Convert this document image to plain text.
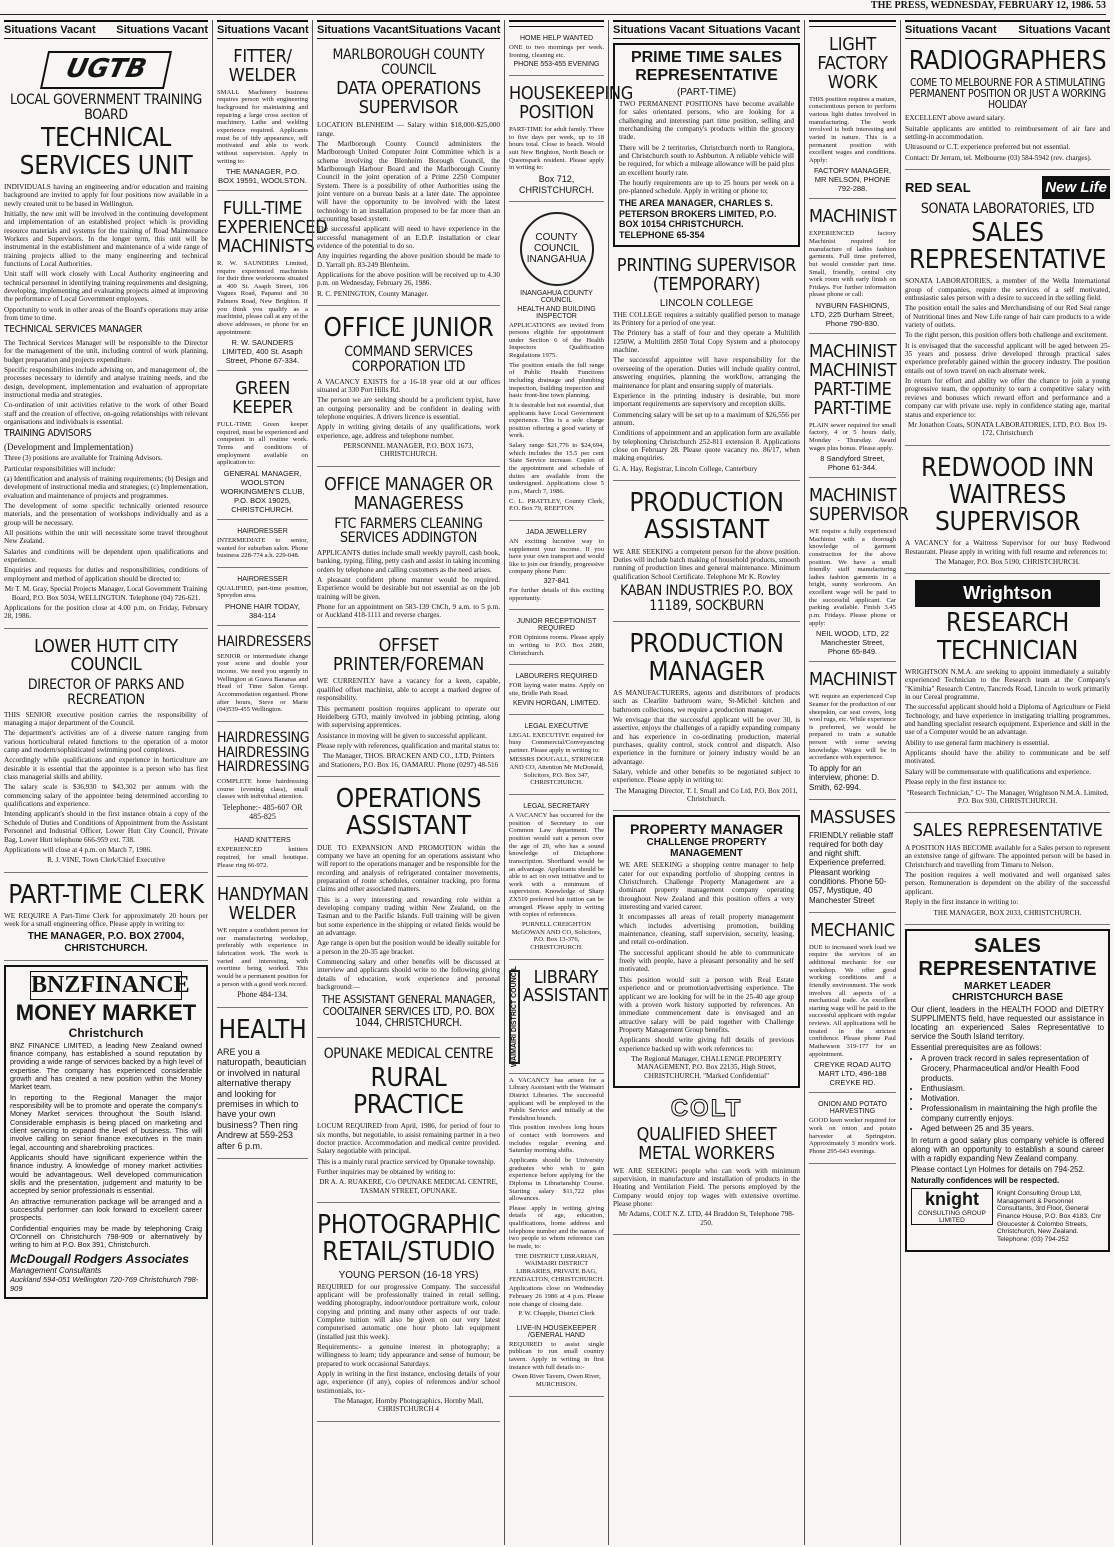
THE PRESS, WEDNESDAY, FEBRUARY 12, 1986. 53
Situations Vacant Situations Vacant
UGTB
LOCAL GOVERNMENT TRAINING BOARD
TECHNICAL SERVICES UNIT

INDIVIDUALS having an engineering and/or education and training background are invited to apply for four positions now available in a newly created unit to be based in Wellington.

Initially, the new unit will be involved in the continuing development and implementation of an established project which is providing resource materials and systems for the training of Road Maintenance Workers and Supervisors. In the longer term, this unit will be instrumental in the establishment and maintenance of a wide range of training projects allied to the many engineering and technical functions of Local Authorities.

Unit staff will work closely with Local Authority engineering and technical personnel in identifying training requirements and designing, developing, implementing and evaluating projects aimed at improving the performance of Local Government employees.

Opportunity to work in other areas of the Board's operations may arise from time to time.

TECHNICAL SERVICES MANAGER

The Technical Services Manager will be responsible to the Director for the management of the unit, including control of work planning, budget preparation and projects expenditure.

Specific responsibilities include advising on, and management of, the processes necessary to identify and analyse training needs, and the design, development, implementation and evaluation of appropriate instructional media and strategies.

Co-ordination of unit activities relative to the work of other Board staff and the creation of effective, on-going relationships with relevant organisations and individuals is essential.

TRAINING ADVISORS
(Development and Implementation)

Three (3) positions are available for Training Advisors.

Particular responsibilities will include:

(a) Identification and analysis of training requirements; (b) Design and development of instructional media and strategies; (c) Implementation, evaluation and maintenance of projects and programmes.

The development of some specific technically oriented resource materials, and the presentation of workshops individually and as a group will be necessary.

All positions within the unit will necessitate some travel throughout New Zealand.

Salaries and conditions will be dependent upon qualifications and experience.

Enquiries and requests for duties and responsibilities, conditions of employment and method of application should be directed to:

Mr T. M. Gray, Special Projects Manager, Local Government Training Board, P.O. Box 5034, WELLINGTON. Telephone (04) 726-621.

Applications for the position close at 4.00 p.m. on Friday, February 28, 1986.

LOWER HUTT CITY COUNCIL
DIRECTOR OF PARKS AND RECREATION

THIS SENIOR executive position carries the responsibility of managing a major department of the Council.

The department's activities are of a diverse nature ranging from various horticultural related functions to the operation of a motor camp and modern/sophisticated swimming pool complexes.

Accordingly while qualifications and experience in horticulture are desirable it is essential that the appointee is a person who has first class managerial skills and ability.

The salary scale is $36,930 to $43,302 per annum with the commencing salary of the appointee being determined according to qualifications and experience.

Intending applicant's should in the first instance obtain a copy of the Schedule of Duties and Conditions of Appointment from the Assistant Personnel and Industrial Officer, Lower Hutt City Council, Private Bag, Lower Hutt telephone 666-959 ext. 738.

Applications will close at 4 p.m. on March 7, 1986.

R. J. VINE, Town Clerk/Chief Executive

PART-TIME CLERK

WE REQUIRE A Part-Time Clerk for approximately 20 hours per week for a small engineering office. Please apply in writing to:

THE MANAGER, P.O. BOX 27004, CHRISTCHURCH.
BNZFINANCE
MONEY MARKET
Christchurch

BNZ FINANCE LIMITED, a leading New Zealand owned finance company, has established a sound reputation by providing a wide range of services backed by a high level of expertise. The company has experienced considerable growth and has created a new position within the Money Market team.

In reporting to the Regional Manager the major responsibility will be to promote and operate the company's Money Market services throughout the South Island. Considerable emphasis is being placed on marketing and client servicing to expand the level of business. This will involve calling on senior finance executives in the main legal, accounting and sharebroking practices.

Applicants should have significant experience within the finance industry. A knowledge of money market activities would be advantageous. Well developed communication skills and the presentation, judgement and maturity to be accepted by senior professionals is essential.

An attractive remuneration package will be arranged and a successful performer can look forward to excellent career prospects.

Confidential enquiries may be made by telephoning Craig O'Connell on Christchurch 798-909 or alternatively by writing to him at P.O. Box 391, Christchurch.

McDougall Rodgers Associates
Management Consultants
Auckland 594-051 Wellington 720-769 Christchurch 798-909
Situations Vacant
FITTER/ WELDER

SMALL Machinery business requires person with engineering background for maintaining and repairing a large cross section of machinery. Lathe and welding experience required. Applicants must be of tidy appearance, self motivated and able to work without supervision. Apply in writing to:

THE MANAGER, P.O. BOX 19591, WOOLSTON.
FULL-TIME EXPERIENCED MACHINISTS

R. W. SAUNDERS Limited, require experienced machinists for their three workrooms situated at 400 St. Asaph Street, 106 Vagues Road, Papanui and 30 Palmers Road, New Brighton. If you think you qualify as a machinist, please call at any of the above addresses, or phone for an appointment:

R. W. SAUNDERS LIMITED, 400 St. Asaph Street, Phone 67-334.
GREEN KEEPER

FULL-TIME Green keeper required, must be experienced and competent in all routine work. Terms and conditions of employment available on application to:

GENERAL MANAGER, WOOLSTON WORKINGMEN'S CLUB, P.O. BOX 19025, CHRISTCHURCH.
HAIRDRESSER

INTERMEDIATE to senior, wanted for suburban salon. Phone business 228-774 a.h. 229-048.

HAIRDRESSER

QUALIFIED, part-time position, Spreydon area.

PHONE HAIR TODAY, 384-114
HAIRDRESSERS

SENIOR or intermediate change your scene and double your income. We need you urgently in Wellington at Guava Bananas and Head of Time Salon Group. Accommodation organised. Phone after hours, Steve or Marie (04)539-455 Wellington.

HAIRDRESSING HAIRDRESSING HAIRDRESSING

COMPLETE home hairdressing course (evening class), small classes with individual attention.

Telephone:- 485-607 OR 485-825

HAND KNITTERS

EXPERIENCED knitters required, for small boutique. Please ring 66-972.

HANDYMAN WELDER

WE require a confident person for our manufacturing workshop, preferably with experience in fabrication work. The work is varied and interesting, with overtime being worked. This would be a permanent position for a person with a good work record.

Phone 484-134.

HEALTH

ARE you a naturopath, beautician or involved in natural alternative therapy and looking for premises in which to have your own business? Then ring Andrew at 559-253 after 6 p.m.

Situations Vacant Situations Vacant
MARLBOROUGH COUNTY COUNCIL
DATA OPERATIONS SUPERVISOR

LOCATION BLENHEIM — Salary within $18,000-$25,000 range.

The Marlborough County Council administers the Marlborough United Computer Joint Committee which is a scheme involving the Blenheim Borough Council, the Marlborough Harbour Board and the Marlborough County Council in the joint operation of a Prime 2250 Computer System. There is a possibility of other Authorities using the joint venture on a bureau basis at a later date. The appointee will have the opportunity to be involved with the latest technology in an installation proposed to be far more than an accounting based system.

The successful applicant will need to have experience in the successful management of an E.D.P. installation or clear evidence of the potential to do so.

Any inquiries regarding the above position should be made to D. Yarrall ph. 83-249 Blenheim.

Applications for the above position will be received up to 4.30 p.m. on Wednesday, February 26, 1986.

R. C. PENINGTON, County Manager.

OFFICE JUNIOR
COMMAND SERVICES CORPORATION LTD

A VACANCY EXISTS for a 16-18 year old at our offices situated at 330 Port Hills Rd.

The person we are seeking should be a proficient typist, have an outgoing personality and be confident in dealing with telephone enquiries. A drivers licence is essential.

Apply in writing giving details of any qualifications, work experience, age, address and telephone number.

PERSONNEL MANAGER, P.O. BOX 1673, CHRISTCHURCH.

OFFICE MANAGER OR MANAGERESS
FTC FARMERS CLEANING SERVICES ADDINGTON

APPLICANTS duties include small weekly payroll, cash book, banking, typing, filing, petty cash and assist in taking incoming orders by telephone and calling customers as the need arises.

A pleasant confident phone manner would be required. Experience would be desirable but not essential as on the job training will be given.

Phone for an appointment on 583-139 ChCh, 9 a.m. to 5 p.m. or Auckland 418-1111 and reverse charges.

OFFSET PRINTER/FOREMAN

WE CURRENTLY have a vacancy for a keen, capable, qualified offset machinist, able to accept a marked degree of responsibility.

This permanent position requires applicant to operate our Heidelberg GTO, mainly involved in jobbing printing, along with supervising apprentices.

Assistance in moving will be given to successful applicant.

Please reply with references, qualification and marital status to:

The Manager, THOS. BRACKEN AND CO., LTD, Printers and Stationers, P.O. Box 16, OAMARU. Phone (0297) 48-516

OPERATIONS ASSISTANT

DUE TO EXPANSION AND PROMOTION within the company we have an opening for an operations assistant who will report to the operations manager and be responsible for the recording and analysis of refrigerated container movements, preparation of route schedules, container tracking, pro forma claims and other associated matters.

This is a very interesting and rewarding role within a developing company trading within New Zealand, on the Tasman and to the Pacific Islands. Full training will be given but some experience in the shipping or related fields would be an advantage.

Age range is open but the position would be ideally suitable for a person in the 20-35 age bracket.

Commencing salary and other benefits will be discussed at interview and applicants should write to the following giving details of education, work experience and personal background:—

THE ASSISTANT GENERAL MANAGER, COOLTAINER SERVICES LTD, P.O. BOX 1044, CHRISTCHURCH.
OPUNAKE MEDICAL CENTRE
RURAL PRACTICE

LOCUM REQUIRED from April, 1986, for period of four to six months, but negotiable, to assist remaining partner in a two doctor practice. Accommodation and medical centre provided. Salary negotiable with principal.

This is a mainly rural practice serviced by Opunake township.

Further inquiries may be obtained by writing to:

DR A. A. RUAKERE, C/o OPUNAKE MEDICAL CENTRE, TASMAN STREET, OPUNAKE.

PHOTOGRAPHIC RETAIL/STUDIO
YOUNG PERSON (16-18 YRS)

REQUIRED for our progressive Company. The successful applicant will be professionally trained in retail selling, wedding photography, indoor/outdoor portraiture work, colour copying and printing and many other aspects of our trade. Complete tuition will also be given on our very latest computerised automatic one hour photo lab equipment (installed just this week).

Requirements:- a genuine interest in photography; a willingness to learn; tidy appearance and sense of humour; be prepared to work occasional Saturdays.

Apply in writing in the first instance, enclosing details of your age, experience (if any), copies of references and/or school testimonials, to:-

The Manager, Hornby Photographics, Hornby Mall, CHRISTCHURCH 4

HOME HELP WANTED

ONE to two mornings per week. Ironing, cleaning etc.

PHONE 553-455 EVENING
HOUSEKEEPING POSITION

PART-TIME for adult family. Three to five days per week, up to 18 hours total. Close to beach. Would suit New Brighton, North Beach or Queenspark resident. Please apply in writing to:

Box 712, CHRISTCHURCH.
COUNTY COUNCIL INANGAHUA
INANGAHUA COUNTY COUNCIL
HEALTH AND BUILDING INSPECTOR

APPLICATIONS are invited from persons eligible for appointment under Section 6 of the Health Inspectors Qualification Regulations 1975.

The position entails the full range of Public Health Functions including drainage and plumbing inspection, building inspection and basic front-line town planning.

It is desirable but not essential, that applicants have Local Government experience. This is a sole charge position offering a good variety of work.

Salary range $21,776 to $24,694, which includes the 15.5 per cent State Service increase. Copies of the appointment and schedule of duties are available from the undersigned. Applications close 5 p.m., March 7, 1986.

C. L. PRATTLEY, County Clerk, P.O. Box 79, REEFTON

JADA JEWELLERY

AN exciting lucrative way to supplement your income. If you have your own transport and would like to join our friendly, progressive company phone Pam:

327-841

For further details of this exciting opportunity.

JUNIOR RECEPTIONIST REQUIRED

FOR Opinions rooms. Please apply in writing to P.O. Box 2680, Christchurch.

LABOURERS REQUIRED

FOR laying water mains. Apply on site, Bridle Path Road.

KEVIN HORGAN, LIMITED.
LEGAL EXECUTIVE

LEGAL EXECUTIVE required for busy Commercial/Conveyancing partner. Please apply in writing to:

MESSRS DOUGALL, STRINGER AND CO, Attention Mr McDonald, Solicitors, P.O. Box 347, CHRISTCHURCH.

LEGAL SECRETARY

A VACANCY has occurred for the position of Secretary to our Common Law department. The position would suit a person over the age of 20, who has a sound knowledge of Dictaphone transcription. Shorthand would be an advantage. Applicants should be able to act on own initiative and to work with a minimum of supervision. Knowledge of Sharp ZX510 preferred but tuition can be arranged. Please apply in writing with copies of references.

PURNELL CREIGHTON McGOWAN AND CO, Solicitors, P.O. Box 13-376, CHRISTCHURCH.

WAIMAIRI DISTRICT COUNCIL LIBRARY ASSISTANT

A VACANCY has arisen for a Library Assistant with the Waimairi District Libraries. The successful applicant will be employed in the Public Service and initially at the Fendalton branch.

This position involves long hours of contact with borrowers and includes regular evening and Saturday morning shifts.

Applicants should be University graduates who wish to gain experience before applying for the Diploma in Librarianship Course. Starting salary $11,722 plus allowances.

Please apply in writing giving details of age, education, qualifications, home address and telephone number and the names of two people to whom reference can be made, to:

THE DISTRICT LIBRARIAN, WAIMAIRI DISTRICT LIBRARIES, PRIVATE BAG, FENDALTON, CHRISTCHURCH.

Applications close on Wednesday February 26 1986 at 4 p.m. Please note change of closing date.

P. W. Chapple, District Clerk

LIVE-IN HOUSEKEEPER /GENERAL HAND

REQUIRED to assist single publican to run small country tavern. Apply in writing in first instance with full details to:-

Owen River Tavern, Owen River, MURCHISON.

Situations Vacant Situations Vacant
PRIME TIME SALES REPRESENTATIVE
(PART-TIME)

TWO PERMANENT POSITIONS have become available for sales orientated persons, who are looking for a challenging and interesting part time position, selling and merchandising the company's products within the grocery trade.

There will be 2 territories, Christchurch north to Rangiora, and Christchurch south to Ashburton. A reliable vehicle will be required, for which a mileage allowance will be paid plus an excellent hourly rate.

The hourly requirements are up to 25 hours per week on a pre-planned schedule. Apply in writing or phone to;

THE AREA MANAGER, CHARLES S. PETERSON BROKERS LIMITED, P.O. BOX 10154 CHRISTCHURCH. TELEPHONE 65-354
PRINTING SUPERVISOR (TEMPORARY)
LINCOLN COLLEGE

THE COLLEGE requires a suitably qualified person to manage its Printery for a period of one year.

The Printery has a staff of four and they operate a Multilith 1250W, a Multilith 2850 Total Copy System and a photocopy machine.

The successful appointee will have responsibility for the overseeing of the operation. Duties will include quality control, answering enquiries, planning the workflow, arranging the maintenance for plant and ensuring supply of materials.

Experience in the printing industry is desirable, but more important requirements are supervisory and reception skills.

Commencing salary will be set up to a maximum of $26,556 per annum.

Conditions of appointment and an application form are available by telephoning Christchurch 252-811 extension 8. Applications close on February 28. Please quote vacancy no. 86/17, when making enquiries.

G. A. Hay, Registrar, Lincoln College, Canterbury

PRODUCTION ASSISTANT

WE ARE SEEKING a competent person for the above position. Duties will include batch making of household products, smooth running of production lines and general maintenance. Minimum qualification School Certificate. Telephone Mr K. Rowley

KABAN INDUSTRIES P.O. BOX 11189, SOCKBURN
PRODUCTION MANAGER

AS MANUFACTURERS, agents and distributors of products such as Clearlite bathroom ware, St-Michel kitchen and bathroom collections, we require a production manager.

We envisage that the successful applicant will be over 30, is assertive, enjoys the challenges of a rapidly expanding company and has experience in co-ordinating production, material purchases, quality control, stock control and dispatch. Also experience in the furniture or joinery industry would be an advantage.

Salary, vehicle and other benefits to be negotiated subject to experience. Please apply in writing to:

The Managing Director, T. I. Small and Co Ltd, P.O. Box 2011, Christchurch.

PROPERTY MANAGER
CHALLENGE PROPERTY MANAGEMENT

WE ARE SEEKING a shopping centre manager to help cater for our expanding portfolio of shopping centres in Christchurch. Challenge Property Management are a dominant property management company operating throughout New Zealand and this position offers a very interesting and varied career.

It encompasses all areas of retail property management which includes advertising promotion, building maintenance, cleaning, staff supervision, security, leasing, and retail co-ordination.

The successful applicant should be able to communicate freely with people, have a pleasant personality and be self motivated.

This position would suit a person with Real Estate experience and or promotion/advertising experience. The applicant we are looking for will be in the 25-40 age group with a proven work history supported by references. An immediate commencement date is envisaged and an attractive salary will be paid together with Challenge Property Management Group benefits.

Applicants should write giving full details of previous experience backed up with work references to:

The Regional Manager, CHALLENGE PROPERTY MANAGEMENT, P.O. Box 22135, High Street, CHRISTCHURCH. "Marked Confidential"

COLT
QUALIFIED SHEET METAL WORKERS

WE ARE SEEKING people who can work with minimum supervision, in manufacture and installation of products in the Heating and Ventilation Field. The persons employed by the Company would enjoy top wages with extensive overtime. Please phone:

Mr Adams, COLT N.Z. LTD, 44 Braddon St, Telephone 798-250.

LIGHT FACTORY WORK

THIS position requires a mature, conscientious person to perform various light duties involved in manufacturing. The work involved is both interesting and varied in nature. This is a permanent position with excellent wages and conditions. Apply:

FACTORY MANAGER, MR NELSON, PHONE 792-288.
MACHINIST

EXPERIENCED factory Machinist required for manufacture of ladies fashion garments. Full time preferred, but would consider part time. Small, friendly, central city work room with early finish on Fridays. For further information please phone or call:

NYBURN FASHIONS, LTD, 225 Durham Street, Phone 790-830.
MACHINIST MACHINIST PART-TIME PART-TIME

PLAIN sewer required for small factory, 4 or 5 hours daily, Monday - Thursday. Award wages plus bonus. Please apply.

8 Sandyford Street, Phone 61-344.
MACHINIST SUPERVISOR

WE require a fully experienced Machinist with a thorough knowledge of garment construction for the above position. We have a small friendly staff manufacturing ladies fashion garments in a bright, sunny workroom. An excellent wage will be paid to the successful applicant. Car parking available. Finish 3.45 p.m. Fridays. Please phone or apply:

NEIL WOOD, LTD, 22 Manchester Street, Phone 65-849.
MACHINIST

WE require an experienced Cup Seamer for the production of our sheepskin, car seat covers, long wool rugs, etc. While experience is preferred, we would be prepared to train a suitable person with some sewing knowledge. Wages will be in accordance with experience.

To apply for an interview, phone: D. Smith, 62-994.

MASSUSES

FRIENDLY reliable staff required for both day and night shift. Experience preferred. Pleasant working conditions. Phone 50-057, Mystique, 40 Manchester Street

MECHANIC

DUE to increased work load we require the services of an additional mechanic for our workshop. We offer good working conditions and a friendly environment. The work involves all aspects of a mechanical trade. An excellent starting wage will be paid to the successful applicant with regular reviews. All applications will be treated in the strictest confidence. Please phone Paul Mathewson 319-177 for an appointment.

CREYKE ROAD AUTO MART LTD, 496-188 CREYKE RD.
ONION AND POTATO HARVESTING

GOOD keen worker required for work on onion and potato harvester at Springston. Approximately 3 month's work. Phone 295-643 evenings.

Situations Vacant Situations Vacant
RADIOGRAPHERS
COME TO MELBOURNE FOR A STIMULATING PERMANENT POSITION OR JUST A WORKING HOLIDAY

EXCELLENT above award salary.

Suitable applicants are entitled to reimbursement of air fare and settling-in accommodation.

Ultrasound or C.T. experience preferred but not essential.

Contact: Dr Jerram, tel. Melbourne (03) 584-5942 (rev. charges).

RED SEAL	New Life
SONATA LABORATORIES, LTD
SALES REPRESENTATIVE

SONATA LABORATORIES, a member of the Wella International group of companies, require the services of a self motivated, enthusiastic sales person with a desire to succeed in the selling field.

The position entail the sales and Merchandising of our Red Seal range of Nutritional lines and New Life range of hair care products to a wide variety of outlets.

To the right person, this position offers both challenge and excitement.

It is envisaged that the successful applicant will be aged between 25-35 years and possess drive developed through practical sales experience preferably gained within the grocery industry. The position entails out of town travel on each alternate week.

In return for effort and ability we offer the chance to join a young progressive team, the opportunity to earn a competitive salary with reviews and bonuses which reward effort and performance and a company car with private use. reply in confidence stating age, marital status and experience to:

Mr Jonathon Coats, SONATA LABORATORIES, LTD, P.O. Box 19-172, Christchurch

REDWOOD INN WAITRESS SUPERVISOR

A VACANCY for a Waitress Supervisor for our busy Redwood Restaurant. Please apply in writing with full resume and references to:

The Manager, P.O. Box 5190, CHRISTCHURCH.

Wrightson
RESEARCH TECHNICIAN

WRIGHTSON N.M.A. are seeking to appoint immediately a suitably experienced Technician to the Research team at the Company's "Kimihia" Research Centre, Tancreds Road, Lincoln to work primarily in our Cereal programme.

The successful applicant should hold a Diploma of Agriculture or Field Technology, and have experience in instigating trialling programmes, and handling specialist research equipment. Experience and skill in the use of a Computer would be an advantage.

Ability to use general farm machinery is essential.

Applicants should have the ability to communicate and be self motivated.

Salary will be commensurate with qualifications and experience.

Please reply in the first instance to:

"Research Technician," C/- The Manager, Wrightson N.M.A. Limited, P.O. Box 930, CHRISTCHURCH.

SALES REPRESENTATIVE

A POSITION HAS BECOME available for a Sales person to represent an extensive range of giftware. The appointed person will be based in Christchurch and travelling from Timaru to Nelson.

The position requires a well motivated and well organised sales person. Remuneration is dependent on the ability of the successful applicant.

Reply in the first instance in writing to:

THE MANAGER, BOX 2033, CHRISTCHURCH.

SALES REPRESENTATIVE
MARKET LEADER
CHRISTCHURCH BASE

Our client, leaders in the HEALTH FOOD and DIETRY SUPPLIMENTS field, have requested our assistance in locating an experienced Sales Representative to service the South Island territory.

Essential prerequisites are as follows:

• A proven track record in sales representation of Grocery, Pharmaceutical and/or Health Food products.
• Enthusiasm.
• Motivation.
• Professionalism in maintaining the high profile the company currently enjoys.
• Aged between 25 and 35 years.

In return a good salary plus company vehicle is offered along with an opportunity to establish a sound career with a rapidly expanding New Zealand company.

Please contact Lyn Holmes for details on 794-252.

Naturally confidences will be respected.

knight
CONSULTING GROUP LIMITED
Knight Consulting Group Ltd, Management & Personnel Consultants, 3rd Floor, General Finance House, P.O. Box 4183, Cnr Gloucester & Colombo Streets, Christchurch, New Zealand. Telephone: (03) 794-252
